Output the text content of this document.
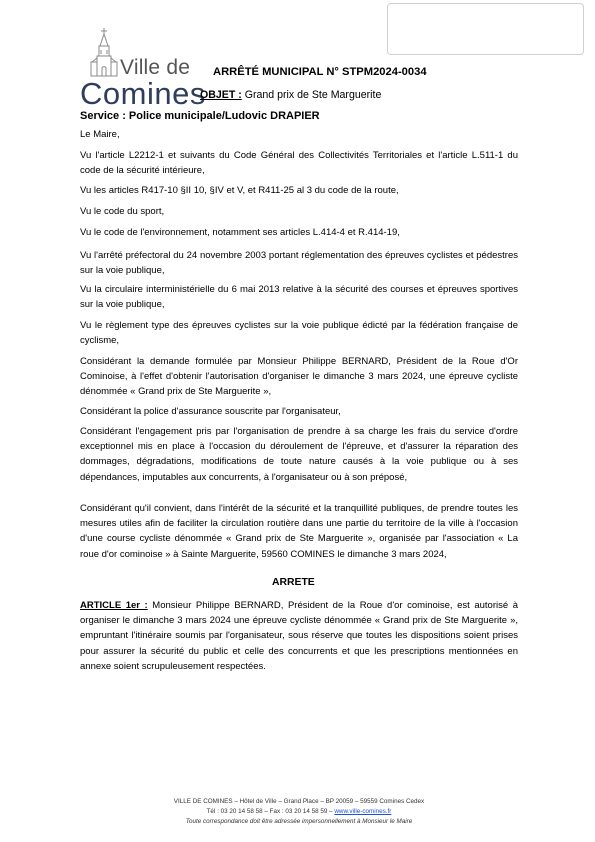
Ville de
Comines
ARRÊTÉ MUNICIPAL N° STPM2024-0034
OBJET : Grand prix de Ste Marguerite
Service : Police municipale/Ludovic DRAPIER
Le Maire,
Vu l'article L2212-1 et suivants du Code Général des Collectivités Territoriales et l'article L.511-1 du code de la sécurité intérieure,
Vu les articles R417-10 §II 10, §IV et V, et R411-25 al 3 du code de la route,
Vu le code du sport,
Vu le code de l'environnement, notamment ses articles L.414-4 et R.414-19,
Vu l'arrêté préfectoral du 24 novembre 2003 portant réglementation des épreuves cyclistes et pédestres sur la voie publique,
Vu la circulaire interministérielle du 6 mai 2013 relative à la sécurité des courses et épreuves sportives sur la voie publique,
Vu le règlement type des épreuves cyclistes sur la voie publique édicté par la fédération française de cyclisme,
Considérant la demande formulée par Monsieur Philippe BERNARD, Président de la Roue d'Or Cominoise, à l'effet d'obtenir l'autorisation d'organiser le dimanche 3 mars 2024, une épreuve cycliste dénommée « Grand prix de Ste Marguerite »,
Considérant la police d'assurance souscrite par l'organisateur,
Considérant l'engagement pris par l'organisation de prendre à sa charge les frais du service d'ordre exceptionnel mis en place à l'occasion du déroulement de l'épreuve, et d'assurer la réparation des dommages, dégradations, modifications de toute nature causés à la voie publique ou à ses dépendances, imputables aux concurrents, à l'organisateur ou à son préposé,
Considérant qu'il convient, dans l'intérêt de la sécurité et la tranquillité publiques, de prendre toutes les mesures utiles afin de faciliter la circulation routière dans une partie du territoire de la ville à l'occasion d'une course cycliste dénommée « Grand prix de Ste Marguerite », organisée par l'association « La roue d'or cominoise » à Sainte Marguerite, 59560 COMINES le dimanche 3 mars 2024,
ARRETE
ARTICLE 1er : Monsieur Philippe BERNARD, Président de la Roue d'or cominoise, est autorisé à organiser le dimanche 3 mars 2024 une épreuve cycliste dénommée « Grand prix de Ste Marguerite », empruntant l'itinéraire soumis par l'organisateur, sous réserve que toutes les dispositions soient prises pour assurer la sécurité du public et celle des concurrents et que les prescriptions mentionnées en annexe soient scrupuleusement respectées.
VILLE DE COMINES – Hôtel de Ville – Grand Place – BP 20059 – 59559 Comines Cedex
Tél : 03 20 14 58 58 – Fax : 03 20 14 58 59 – www.ville-comines.fr
Toute correspondance doit être adressée impersonnellement à Monsieur le Maire
